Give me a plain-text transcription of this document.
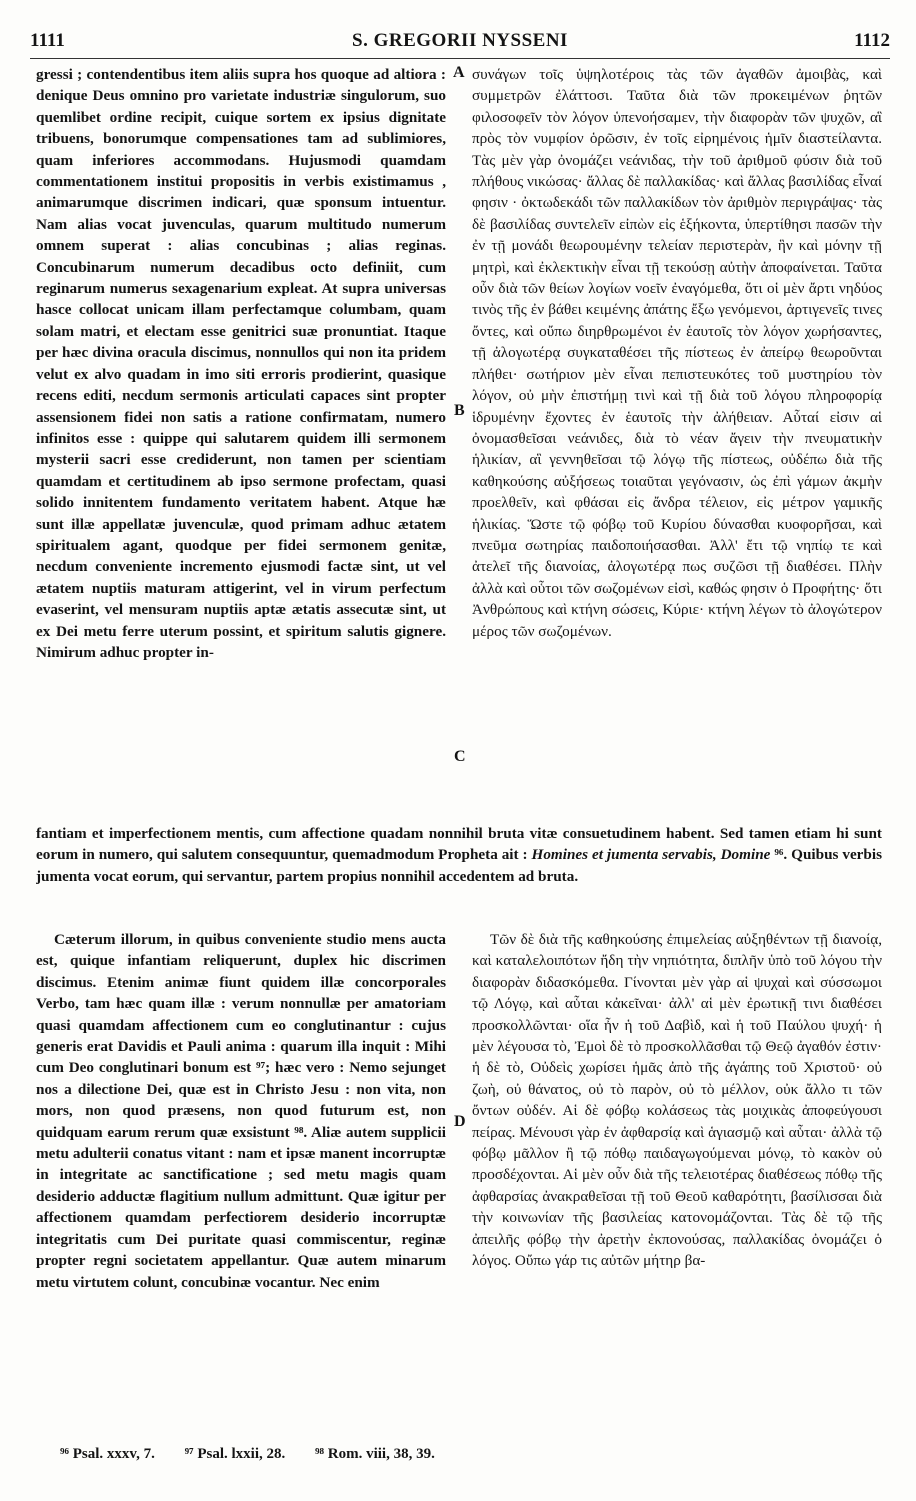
1111	S. GREGORII NYSSENI	1112

gressi ; contendentibus item aliis supra hos quoque ad altiora : denique Deus omnino pro varietate industriæ singulorum, suo quemlibet ordine recipit, cuique sortem ex ipsius dignitate tribuens, bonorumque compensationes tam ad sublimiores, quam inferiores accommodans. Hujusmodi quamdam commentationem institui propositis in verbis existimamus , animarumque discrimen indicari, quæ sponsum intuentur. Nam alias vocat juvenculas, quarum multitudo numerum omnem superat : alias concubinas ; alias reginas. Concubinarum numerum decadibus octo definiit, cum reginarum numerus sexagenarium expleat. At supra universas hasce collocat unicam illam perfectamque columbam, quam solam matri, et electam esse genitrici suæ pronuntiat. Itaque per hæc divina oracula discimus, nonnullos qui non ita pridem velut ex alvo quadam in imo siti erroris prodierint, quasique recens editi, necdum sermonis articulati capaces sint propter assensionem fidei non satis a ratione confirmatam, numero infinitos esse : quippe qui salutarem quidem illi sermonem mysterii sacri esse crediderunt, non tamen per scientiam quamdam et certitudinem ab ipso sermone profectam, quasi solido innitentem fundamento veritatem habent. Atque hæ sunt illæ appellatæ juvenculæ, quod primam adhuc ætatem spiritualem agant, quodque per fidei sermonem genitæ, necdum conveniente incremento ejusmodi factæ sint, ut vel ætatem nuptiis maturam attigerint, vel in virum perfectum evaserint, vel mensuram nuptiis aptæ ætatis assecutæ sint, ut ex Dei metu ferre uterum possint, et spiritum salutis gignere. Nimirum adhuc propter in-

A
B
C
D

συνάγων τοῖς ὑψηλοτέροις τὰς τῶν ἀγαθῶν ἀμοιβὰς, καὶ συμμετρῶν ἐλάττοσι. Ταῦτα διὰ τῶν προκειμένων ῥητῶν φιλοσοφεῖν τὸν λόγον ὑπενοήσαμεν, τὴν διαφορὰν τῶν ψυχῶν, αἳ πρὸς τὸν νυμφίον ὁρῶσιν, ἐν τοῖς εἰρημένοις ἡμῖν διαστείλαντα. Τὰς μὲν γὰρ ὀνομάζει νεάνιδας, τὴν τοῦ ἀριθμοῦ φύσιν διὰ τοῦ πλήθους νικώσας· ἄλλας δὲ παλλακίδας· καὶ ἄλλας βασιλίδας εἶναί φησιν · ὀκτωδεκάδι τῶν παλλακίδων τὸν ἀριθμὸν περιγράψας· τὰς δὲ βασιλίδας συντελεῖν εἰπὼν εἰς ἑξήκοντα, ὑπερτίθησι πασῶν τὴν ἐν τῇ μονάδι θεωρουμένην τελείαν περιστερὰν, ἣν καὶ μόνην τῇ μητρὶ, καὶ ἐκλεκτικὴν εἶναι τῇ τεκούσῃ αὐτὴν ἀποφαίνεται. Ταῦτα οὖν διὰ τῶν θείων λογίων νοεῖν ἐναγόμεθα, ὅτι οἱ μὲν ἄρτι νηδύος τινὸς τῆς ἐν βάθει κειμένης ἀπάτης ἔξω γενόμενοι, ἀρτιγενεῖς τινες ὄντες, καὶ οὔπω διηρθρωμένοι ἐν ἑαυτοῖς τὸν λόγον χωρήσαντες, τῇ ἀλογωτέρᾳ συγκαταθέσει τῆς πίστεως ἐν ἀπείρῳ θεωροῦνται πλήθει· σωτήριον μὲν εἶναι πεπιστευκότες τοῦ μυστηρίου τὸν λόγον, οὐ μὴν ἐπιστήμῃ τινὶ καὶ τῇ διὰ τοῦ λόγου πληροφορίᾳ ἱδρυμένην ἔχοντες ἐν ἑαυτοῖς τὴν ἀλήθειαν. Αὗταί εἰσιν αἱ ὀνομασθεῖσαι νεάνιδες, διὰ τὸ νέαν ἄγειν τὴν πνευματικὴν ἡλικίαν, αἳ γεννηθεῖσαι τῷ λόγῳ τῆς πίστεως, οὐδέπω διὰ τῆς καθηκούσης αὐξήσεως τοιαῦται γεγόνασιν, ὡς ἐπὶ γάμων ἀκμὴν προελθεῖν, καὶ φθάσαι εἰς ἄνδρα τέλειον, εἰς μέτρον γαμικῆς ἡλικίας. Ὥστε τῷ φόβῳ τοῦ Κυρίου δύνασθαι κυοφορῆσαι, καὶ πνεῦμα σωτηρίας παιδοποιήσασθαι. Ἀλλ' ἔτι τῷ νηπίῳ τε καὶ ἀτελεῖ τῆς διανοίας, ἀλογωτέρᾳ πως συζῶσι τῇ διαθέσει. Πλὴν ἀλλὰ καὶ οὗτοι τῶν σωζομένων εἰσὶ, καθώς φησιν ὁ Προφήτης· ὅτι Ἀνθρώπους καὶ κτήνη σώσεις, Κύριε· κτήνη λέγων τὸ ἀλογώτερον μέρος τῶν σωζομένων.

fantiam et imperfectionem mentis, cum affectione quadam nonnihil bruta vitæ consuetudinem habent. Sed tamen etiam hi sunt eorum in numero, qui salutem consequuntur, quemadmodum Propheta ait : Homines et jumenta servabis, Domine ⁹⁶. Quibus verbis jumenta vocat eorum, qui servantur, partem propius nonnihil accedentem ad bruta.

Cæterum illorum, in quibus conveniente studio mens aucta est, quique infantiam reliquerunt, duplex hic discrimen discimus. Etenim animæ fiunt quidem illæ concorporales Verbo, tam hæc quam illæ : verum nonnullæ per amatoriam quasi quamdam affectionem cum eo conglutinantur : cujus generis erat Davidis et Pauli anima : quarum illa inquit : Mihi cum Deo conglutinari bonum est ⁹⁷; hæc vero : Nemo sejunget nos a dilectione Dei, quæ est in Christo Jesu : non vita, non mors, non quod præsens, non quod futurum est, non quidquam earum rerum quæ exsistunt ⁹⁸. Aliæ autem supplicii metu adulterii conatus vitant : nam et ipsæ manent incorruptæ in integritate ac sanctificatione ; sed metu magis quam desiderio adductæ flagitium nullum admittunt. Quæ igitur per affectionem quamdam perfectiorem desiderio incorruptæ integritatis cum Dei puritate quasi commiscentur, reginæ propter regni societatem appellantur. Quæ autem minarum metu virtutem colunt, concubinæ vocantur. Nec enim

Τῶν δὲ διὰ τῆς καθηκούσης ἐπιμελείας αὐξηθέντων τῇ διανοίᾳ, καὶ καταλελοιπότων ἤδη τὴν νηπιότητα, διπλῆν ὑπὸ τοῦ λόγου τὴν διαφορὰν διδασκόμεθα. Γίνονται μὲν γὰρ αἱ ψυχαὶ καὶ σύσσωμοι τῷ Λόγῳ, καὶ αὗται κἀκεῖναι· ἀλλ' αἱ μὲν ἐρωτικῇ τινι διαθέσει προσκολλῶνται· οἵα ἦν ἡ τοῦ Δαβὶδ, καὶ ἡ τοῦ Παύλου ψυχή· ἡ μὲν λέγουσα τὸ, Ἐμοὶ δὲ τὸ προσκολλᾶσθαι τῷ Θεῷ ἀγαθόν ἐστιν· ἡ δὲ τὸ, Οὐδεὶς χωρίσει ἡμᾶς ἀπὸ τῆς ἀγάπης τοῦ Χριστοῦ· οὐ ζωὴ, οὐ θάνατος, οὐ τὸ παρὸν, οὐ τὸ μέλλον, οὐκ ἄλλο τι τῶν ὄντων οὐδέν. Αἱ δὲ φόβῳ κολάσεως τὰς μοιχικὰς ἀποφεύγουσι πείρας. Μένουσι γὰρ ἐν ἀφθαρσίᾳ καὶ ἁγιασμῷ καὶ αὗται· ἀλλὰ τῷ φόβῳ μᾶλλον ἢ τῷ πόθῳ παιδαγωγούμεναι μόνῳ, τὸ κακὸν οὐ προσδέχονται. Αἱ μὲν οὖν διὰ τῆς τελειοτέρας διαθέσεως πόθῳ τῆς ἀφθαρσίας ἀνακραθεῖσαι τῇ τοῦ Θεοῦ καθαρότητι, βασίλισσαι διὰ τὴν κοινωνίαν τῆς βασιλείας κατονομάζονται. Τὰς δὲ τῷ τῆς ἀπειλῆς φόβῳ τὴν ἀρετὴν ἐκπονούσας, παλλακίδας ὀνομάζει ὁ λόγος. Οὔπω γάρ τις αὐτῶν μήτηρ βα-

⁹⁶ Psal. xxxv, 7. ⁹⁷ Psal. lxxii, 28. ⁹⁸ Rom. viii, 38, 39.
